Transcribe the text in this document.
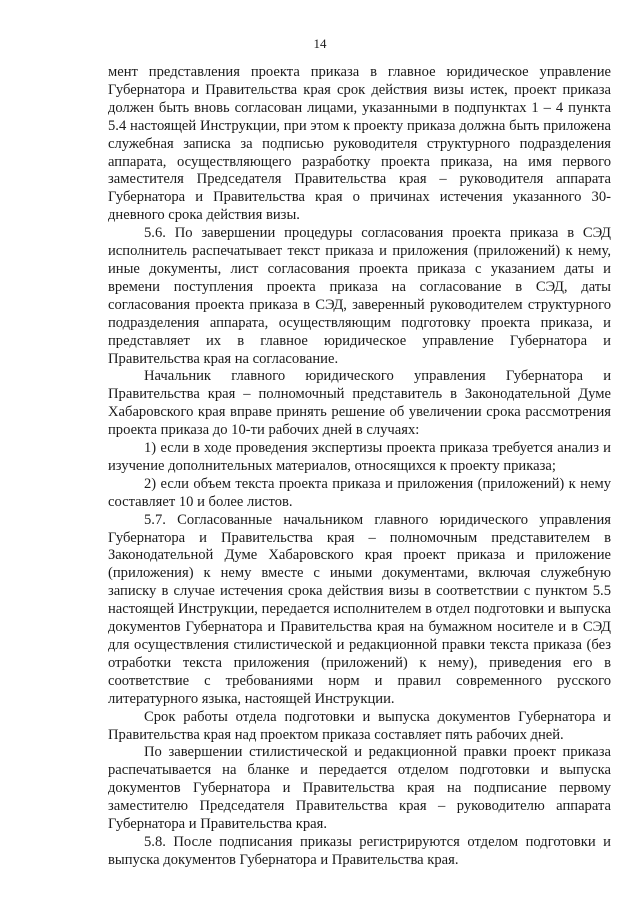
14

мент представления проекта приказа в главное юридическое управление Губернатора и Правительства края срок действия визы истек, проект приказа должен быть вновь согласован лицами, указанными в подпунктах 1 – 4 пункта 5.4 настоящей Инструкции, при этом к проекту приказа должна быть приложена служебная записка за подписью руководителя структурного подразделения аппарата, осуществляющего разработку проекта приказа, на имя первого заместителя Председателя Правительства края – руководителя аппарата Губернатора и Правительства края о причинах истечения указанного 30-дневного срока действия визы.

5.6. По завершении процедуры согласования проекта приказа в СЭД исполнитель распечатывает текст приказа и приложения (приложений) к нему, иные документы, лист согласования проекта приказа с указанием даты и времени поступления проекта приказа на согласование в СЭД, даты согласования проекта приказа в СЭД, заверенный руководителем структурного подразделения аппарата, осуществляющим подготовку проекта приказа, и представляет их в главное юридическое управление Губернатора и Правительства края на согласование.

Начальник главного юридического управления Губернатора и Правительства края – полномочный представитель в Законодательной Думе Хабаровского края вправе принять решение об увеличении срока рассмотрения проекта приказа до 10-ти рабочих дней в случаях:

1) если в ходе проведения экспертизы проекта приказа требуется анализ и изучение дополнительных материалов, относящихся к проекту приказа;

2) если объем текста проекта приказа и приложения (приложений) к нему составляет 10 и более листов.

5.7. Согласованные начальником главного юридического управления Губернатора и Правительства края – полномочным представителем в Законодательной Думе Хабаровского края проект приказа и приложение (приложения) к нему вместе с иными документами, включая служебную записку в случае истечения срока действия визы в соответствии с пунктом 5.5 настоящей Инструкции, передается исполнителем в отдел подготовки и выпуска документов Губернатора и Правительства края на бумажном носителе и в СЭД для осуществления стилистической и редакционной правки текста приказа (без отработки текста приложения (приложений) к нему), приведения его в соответствие с требованиями норм и правил современного русского литературного языка, настоящей Инструкции.

Срок работы отдела подготовки и выпуска документов Губернатора и Правительства края над проектом приказа составляет пять рабочих дней.

По завершении стилистической и редакционной правки проект приказа распечатывается на бланке и передается отделом подготовки и выпуска документов Губернатора и Правительства края на подписание первому заместителю Председателя Правительства края – руководителю аппарата Губернатора и Правительства края.

5.8. После подписания приказы регистрируются отделом подготовки и выпуска документов Губернатора и Правительства края.
